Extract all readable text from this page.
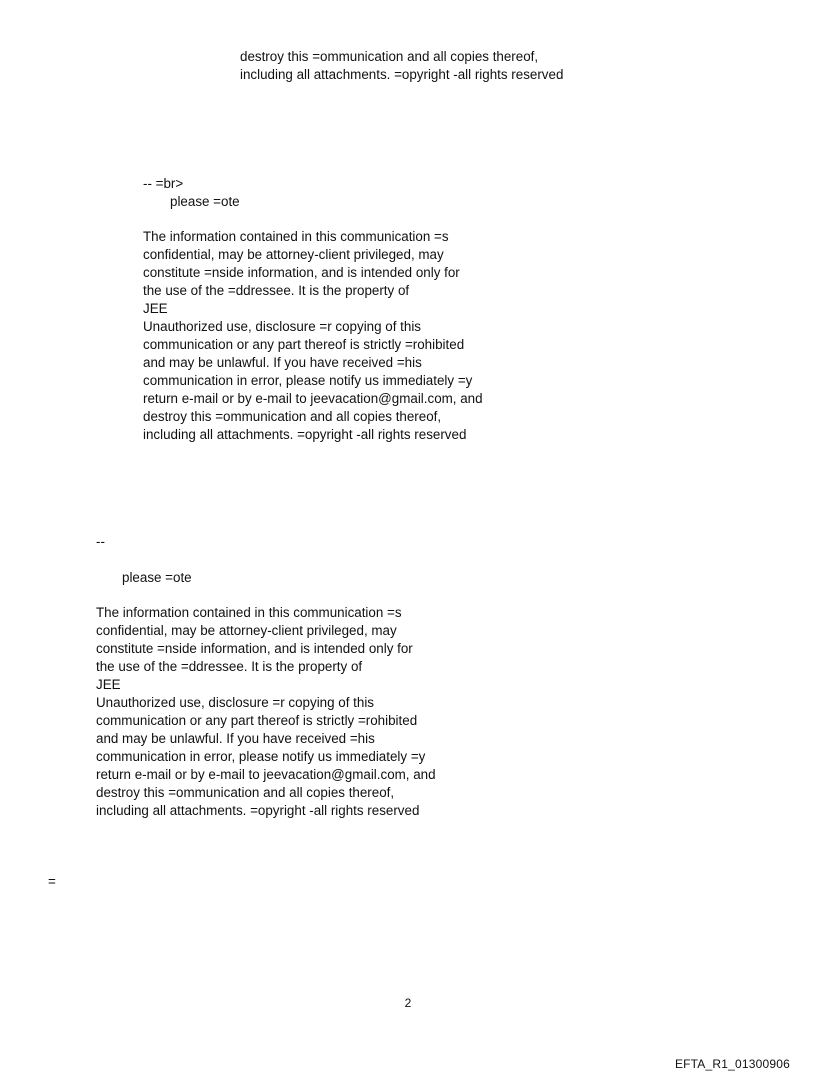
destroy this =ommunication and all copies thereof,
including all attachments. =opyright -all rights reserved
-- =br>
please =ote
The information contained in this communication =s
confidential, may be attorney-client privileged, may
constitute =nside information, and is intended only for
the use of the =ddressee. It is the property of
JEE
Unauthorized use, disclosure =r copying of this
communication or any part thereof is strictly =rohibited
and may be unlawful. If you have received =his
communication in error, please notify us immediately =y
return e-mail or by e-mail to jeevacation@gmail.com, and
destroy this =ommunication and all copies thereof,
including all attachments. =opyright -all rights reserved
--
please =ote
The information contained in this communication =s
confidential, may be attorney-client privileged, may
constitute =nside information, and is intended only for
the use of the =ddressee. It is the property of
JEE
Unauthorized use, disclosure =r copying of this
communication or any part thereof is strictly =rohibited
and may be unlawful. If you have received =his
communication in error, please notify us immediately =y
return e-mail or by e-mail to jeevacation@gmail.com, and
destroy this =ommunication and all copies thereof,
including all attachments. =opyright -all rights reserved
=
2
EFTA_R1_01300906
